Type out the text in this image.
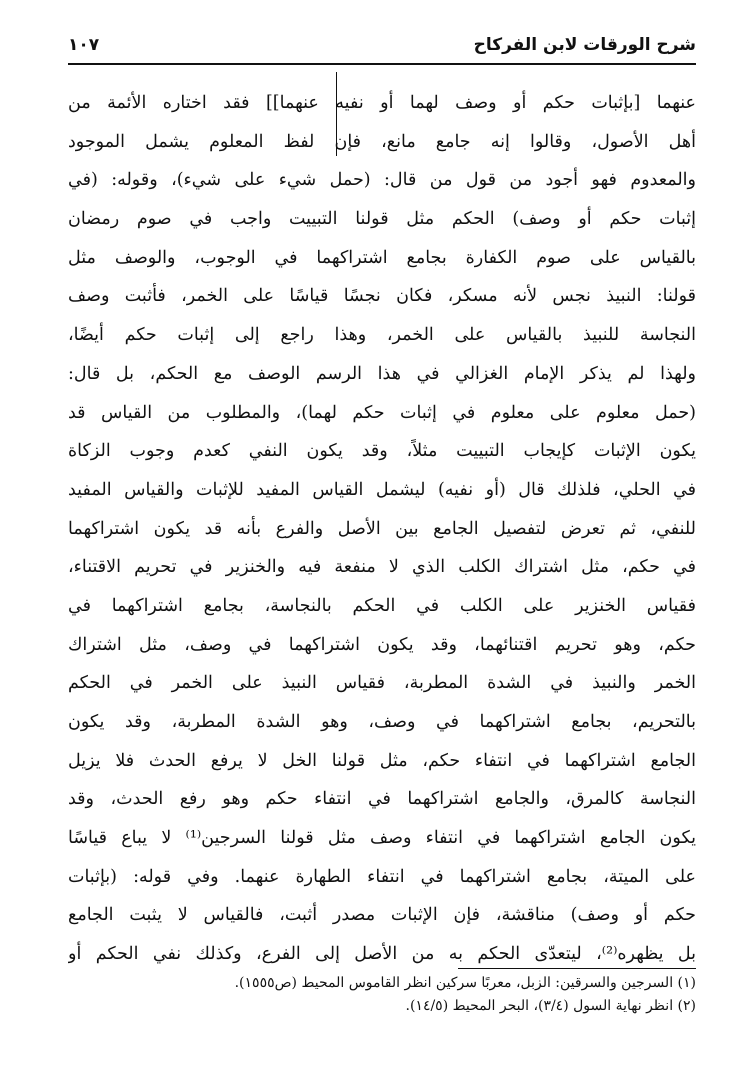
شرح الورقات لابن الفركاح
١٠٧
عنهما [بإثبات حكم أو وصف لهما أو نفيه عنهما]] فقد اختاره الأئمة من
أهل الأصول، وقالوا إنه جامع مانع، فإن لفظ المعلوم يشمل الموجود
والمعدوم فهو أجود من قول من قال: (حمل شيء على شيء)، وقوله: (في
إثبات حكم أو وصف) الحكم مثل قولنا التبييت واجب في صوم رمضان
بالقياس على صوم الكفارة بجامع اشتراكهما في الوجوب، والوصف مثل
قولنا: النبيذ نجس لأنه مسكر، فكان نجسًا قياسًا على الخمر، فأثبت وصف
النجاسة للنبيذ بالقياس على الخمر، وهذا راجع إلى إثبات حكم أيضًا،
ولهذا لم يذكر الإمام الغزالي في هذا الرسم الوصف مع الحكم، بل قال:
(حمل معلوم على معلوم في إثبات حكم لهما)، والمطلوب من القياس قد
يكون الإثبات كإيجاب التبييت مثلاً، وقد يكون النفي كعدم وجوب الزكاة
في الحلي، فلذلك قال (أو نفيه) ليشمل القياس المفيد للإثبات والقياس المفيد
للنفي، ثم تعرض لتفصيل الجامع بين الأصل والفرع بأنه قد يكون اشتراكهما
في حكم، مثل اشتراك الكلب الذي لا منفعة فيه والخنزير في تحريم الاقتناء،
فقياس الخنزير على الكلب في الحكم بالنجاسة، بجامع اشتراكهما في
حكم، وهو تحريم اقتنائهما، وقد يكون اشتراكهما في وصف، مثل اشتراك
الخمر والنبيذ في الشدة المطربة، فقياس النبيذ على الخمر في الحكم
بالتحريم، بجامع اشتراكهما في وصف، وهو الشدة المطربة، وقد يكون
الجامع اشتراكهما في انتفاء حكم، مثل قولنا الخل لا يرفع الحدث فلا يزيل
النجاسة كالمرق، والجامع اشتراكهما في انتفاء حكم وهو رفع الحدث، وقد
يكون الجامع اشتراكهما في انتفاء وصف مثل قولنا السرجين⁽¹⁾ لا يباع قياسًا
على الميتة، بجامع اشتراكهما في انتفاء الطهارة عنهما. وفي قوله: (بإثبات
حكم أو وصف) مناقشة، فإن الإثبات مصدر أثبت، فالقياس لا يثبت الجامع
بل يظهره⁽²⁾، ليتعدّى الحكم به من الأصل إلى الفرع، وكذلك نفي الحكم أو
(١) السرجين والسرقين: الزبل، معربًا سركين انظر القاموس المحيط (ص١٥٥٥).
(٢) انظر نهاية السول (٣/٤)، البحر المحيط (١٤/٥).
